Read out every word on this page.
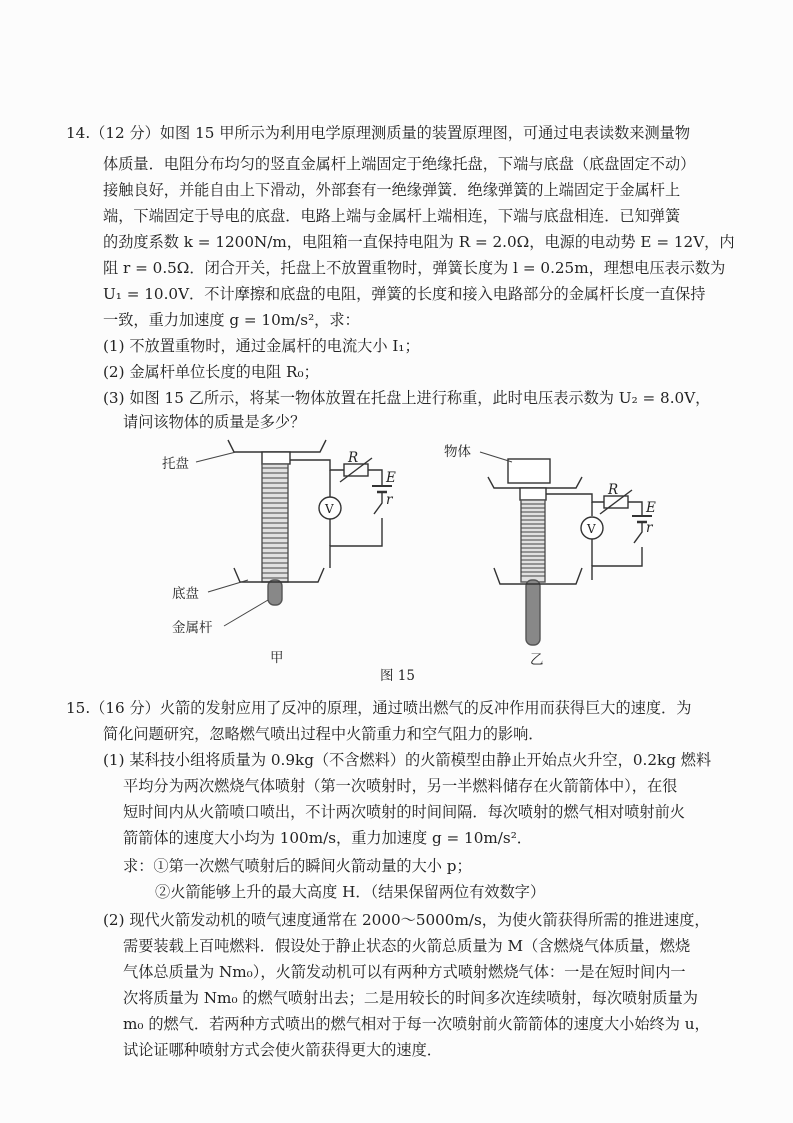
14.（12 分）如图 15 甲所示为利用电学原理测质量的装置原理图，可通过电表读数来测量物
体质量．电阻分布均匀的竖直金属杆上端固定于绝缘托盘，下端与底盘（底盘固定不动）
接触良好，并能自由上下滑动，外部套有一绝缘弹簧．绝缘弹簧的上端固定于金属杆上
端，下端固定于导电的底盘．电路上端与金属杆上端相连，下端与底盘相连．已知弹簧
的劲度系数 k = 1200N/m，电阻箱一直保持电阻为 R = 2.0Ω，电源的电动势 E = 12V，内
阻 r = 0.5Ω．闭合开关，托盘上不放置重物时，弹簧长度为 l = 0.25m，理想电压表示数为
U₁ = 10.0V．不计摩擦和底盘的电阻，弹簧的长度和接入电路部分的金属杆长度一直保持
一致，重力加速度 g = 10m/s²，求：
(1) 不放置重物时，通过金属杆的电流大小 I₁；
(2) 金属杆单位长度的电阻 R₀；
(3) 如图 15 乙所示，将某一物体放置在托盘上进行称重，此时电压表示数为 U₂ = 8.0V，
请问该物体的质量是多少？
托盘
底盘
金属杆
物体
R
E
r
V
R
E
r
V
甲	乙
图 15
15.（16 分）火箭的发射应用了反冲的原理，通过喷出燃气的反冲作用而获得巨大的速度．为
简化问题研究，忽略燃气喷出过程中火箭重力和空气阻力的影响．
(1) 某科技小组将质量为 0.9kg（不含燃料）的火箭模型由静止开始点火升空，0.2kg 燃料
平均分为两次燃烧气体喷射（第一次喷射时，另一半燃料储存在火箭箭体中），在很
短时间内从火箭喷口喷出，不计两次喷射的时间间隔．每次喷射的燃气相对喷射前火
箭箭体的速度大小均为 100m/s，重力加速度 g = 10m/s²．
求：①第一次燃气喷射后的瞬间火箭动量的大小 p；
②火箭能够上升的最大高度 H．（结果保留两位有效数字）
(2) 现代火箭发动机的喷气速度通常在 2000～5000m/s，为使火箭获得所需的推进速度，
需要装载上百吨燃料．假设处于静止状态的火箭总质量为 M（含燃烧气体质量，燃烧
气体总质量为 Nm₀），火箭发动机可以有两种方式喷射燃烧气体：一是在短时间内一
次将质量为 Nm₀ 的燃气喷射出去；二是用较长的时间多次连续喷射，每次喷射质量为
m₀ 的燃气．若两种方式喷出的燃气相对于每一次喷射前火箭箭体的速度大小始终为 u，
试论证哪种喷射方式会使火箭获得更大的速度．
